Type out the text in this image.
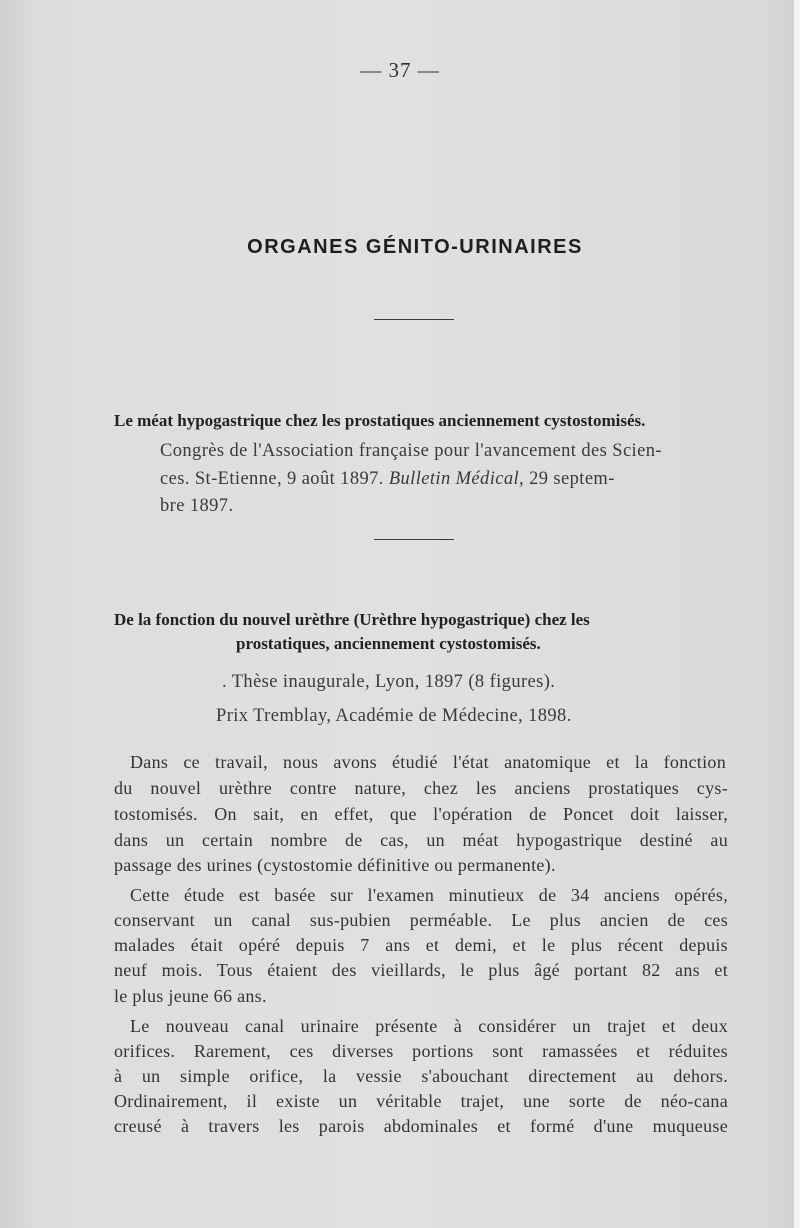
— 37 —
ORGANES GÉNITO-URINAIRES
Le méat hypogastrique chez les prostatiques anciennement cystostomisés.
Congrès de l'Association française pour l'avancement des Scien-
ces. St-Etienne, 9 août 1897. Bulletin Médical, 29 septem-
bre 1897.
De la fonction du nouvel urèthre (Urèthre hypogastrique) chez les
prostatiques, anciennement cystostomisés.
. Thèse inaugurale, Lyon, 1897 (8 figures).
Prix Tremblay, Académie de Médecine, 1898.
Dans ce travail, nous avons étudié l'état anatomique et la fonction
du nouvel urèthre contre nature, chez les anciens prostatiques cys-
tostomisés. On sait, en effet, que l'opération de Poncet doit laisser,
dans un certain nombre de cas, un méat hypogastrique destiné au
passage des urines (cystostomie définitive ou permanente).
Cette étude est basée sur l'examen minutieux de 34 anciens opérés,
conservant un canal sus-pubien perméable. Le plus ancien de ces
malades était opéré depuis 7 ans et demi, et le plus récent depuis
neuf mois. Tous étaient des vieillards, le plus âgé portant 82 ans et
le plus jeune 66 ans.
Le nouveau canal urinaire présente à considérer un trajet et deux
orifices. Rarement, ces diverses portions sont ramassées et réduites
à un simple orifice, la vessie s'abouchant directement au dehors.
Ordinairement, il existe un véritable trajet, une sorte de néo-cana
creusé à travers les parois abdominales et formé d'une muqueuse
